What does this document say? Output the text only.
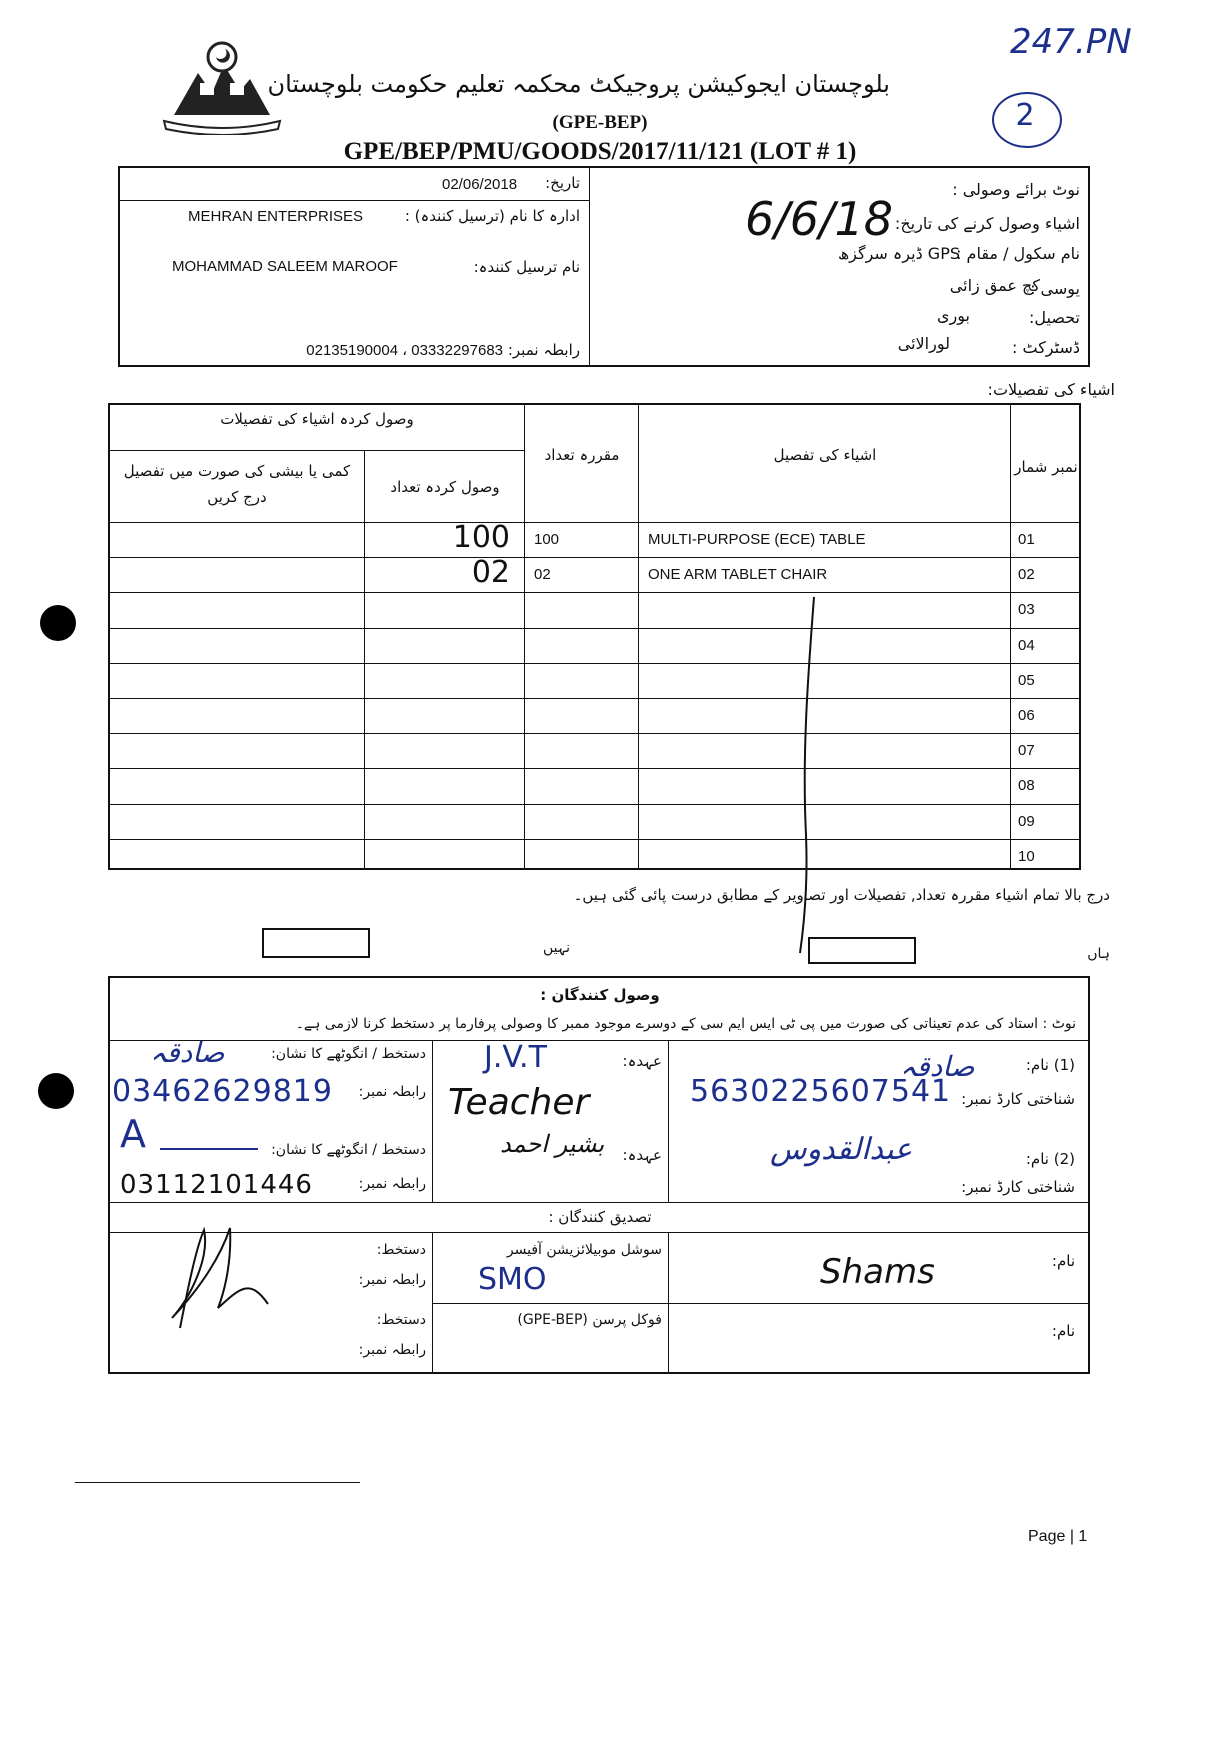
247.PN
2
بلوچستان ایجوکیشن پروجیکٹ محکمہ تعلیم حکومت بلوچستان
(GPE-BEP)
GPE/BEP/PMU/GOODS/2017/11/121 (LOT # 1)
نوٹ برائے وصولی :
اشیاء وصول کرنے کی تاریخ:
6/6/18
نام سکول / مقام :
GPS ڈیرہ سرگزھ
یوسی :
کچ عمق زائی
تحصیل:
بوری
ڈسٹرکٹ :
لورالائی
تاریخ:
02/06/2018
ادارہ کا نام (ترسیل کنندہ) :
MEHRAN ENTERPRISES
نام ترسیل کنندہ:
MOHAMMAD SALEEM MAROOF
رابطہ نمبر:
03332297683 ، 02135190004
اشیاء کی تفصیلات:
نمبر شمار
اشیاء کی تفصیل
مقررہ تعداد
وصول کردہ اشیاء کی تفصیلات
وصول کردہ تعداد
کمی یا بیشی کی صورت میں تفصیل درج کریں
01
MULTI-PURPOSE (ECE) TABLE
100
100
02
ONE ARM TABLET CHAIR
02
02
03
04
05
06
07
08
09
10
درج بالا تمام اشیاء مقررہ تعداد, تفصیلات اور تصاویر کے مطابق درست پائی گئی ہیں۔
ہاں
نہیں
وصول کنندگان :
نوٹ : استاد کی عدم تعیناتی کی صورت میں پی ٹی ایس ایم سی کے دوسرے موجود ممبر کا وصولی پرفارما پر دستخط کرنا لازمی ہے۔
(1) نام:
صادقہ
شناختی کارڈ نمبر:
5630225607541
عہدہ:
J.V.T
Teacher
دستخط / انگوٹھے کا نشان:
صادقہ
رابطہ نمبر:
03462629819
(2) نام:
عبدالقدوس
شناختی کارڈ نمبر:
عہدہ:
بشیر احمد
دستخط / انگوٹھے کا نشان:
A
رابطہ نمبر:
03112101446
تصدیق کنندگان :
نام:
Shams
سوشل موبیلائزیشن آفیسر
SMO
دستخط:
رابطہ نمبر:
نام:
فوکل پرسن (GPE-BEP)
دستخط:
رابطہ نمبر:
Page | 1
